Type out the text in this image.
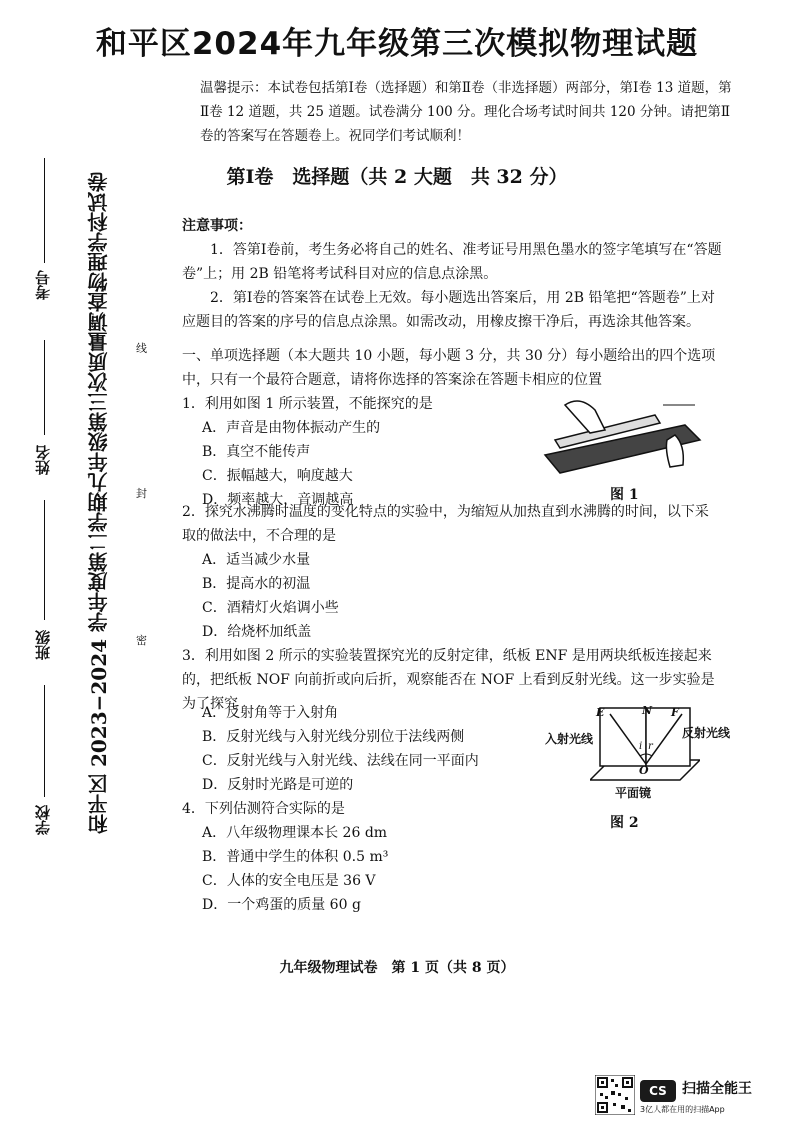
和平区2024年九年级第三次模拟物理试题
温馨提示：本试卷包括第Ⅰ卷（选择题）和第Ⅱ卷（非选择题）两部分，第Ⅰ卷 13 道题，第Ⅱ卷 12 道题，共 25 道题。试卷满分 100 分。理化合场考试时间共 120 分钟。请把第Ⅱ卷的答案写在答题卷上。祝同学们考试顺利！
第Ⅰ卷　选择题（共 2 大题　共 32 分）
注意事项：
1．答第Ⅰ卷前，考生务必将自己的姓名、准考证号用黑色墨水的签字笔填写在“答题卷”上；用 2B 铅笔将考试科目对应的信息点涂黑。
2．第Ⅰ卷的答案答在试卷上无效。每小题选出答案后，用 2B 铅笔把“答题卷”上对应题目的答案的序号的信息点涂黑。如需改动，用橡皮擦干净后，再选涂其他答案。
一、单项选择题（本大题共 10 小题，每小题 3 分，共 30 分）每小题给出的四个选项中，只有一个最符合题意，请将你选择的答案涂在答题卡相应的位置
1．利用如图 1 所示装置，不能探究的是
A．声音是由物体振动产生的
B．真空不能传声
C．振幅越大，响度越大
D．频率越大，音调越高	图 1
2．探究水沸腾时温度的变化特点的实验中，为缩短从加热直到水沸腾的时间，以下采取的做法中，不合理的是
A．适当减少水量
B．提高水的初温
C．酒精灯火焰调小些
D．给烧杯加纸盖
3．利用如图 2 所示的实验装置探究光的反射定律，纸板 ENF 是用两块纸板连接起来的，把纸板 NOF 向前折或向后折，观察能否在 NOF 上看到反射光线。这一步实验是为了探究
A．反射角等于入射角
B．反射光线与入射光线分别位于法线两侧
C．反射光线与入射光线、法线在同一平面内
D．反射时光路是可逆的
E	N F
i r
O
入射光线	反射光线
平面镜
图 2
4．下列估测符合实际的是
A．八年级物理课本长 26 dm
B．普通中学生的体积 0.5 m³
C．人体的安全电压是 36 V
D．一个鸡蛋的质量 60 g
学校
班级
姓名
考号 和平区 2023−2024 学年度第二学期九年级第三次质量调查物理学科试卷 线
封
密
九年级物理试卷　第 1 页（共 8 页）
CS	扫描全能王
3亿人都在用的扫描App
